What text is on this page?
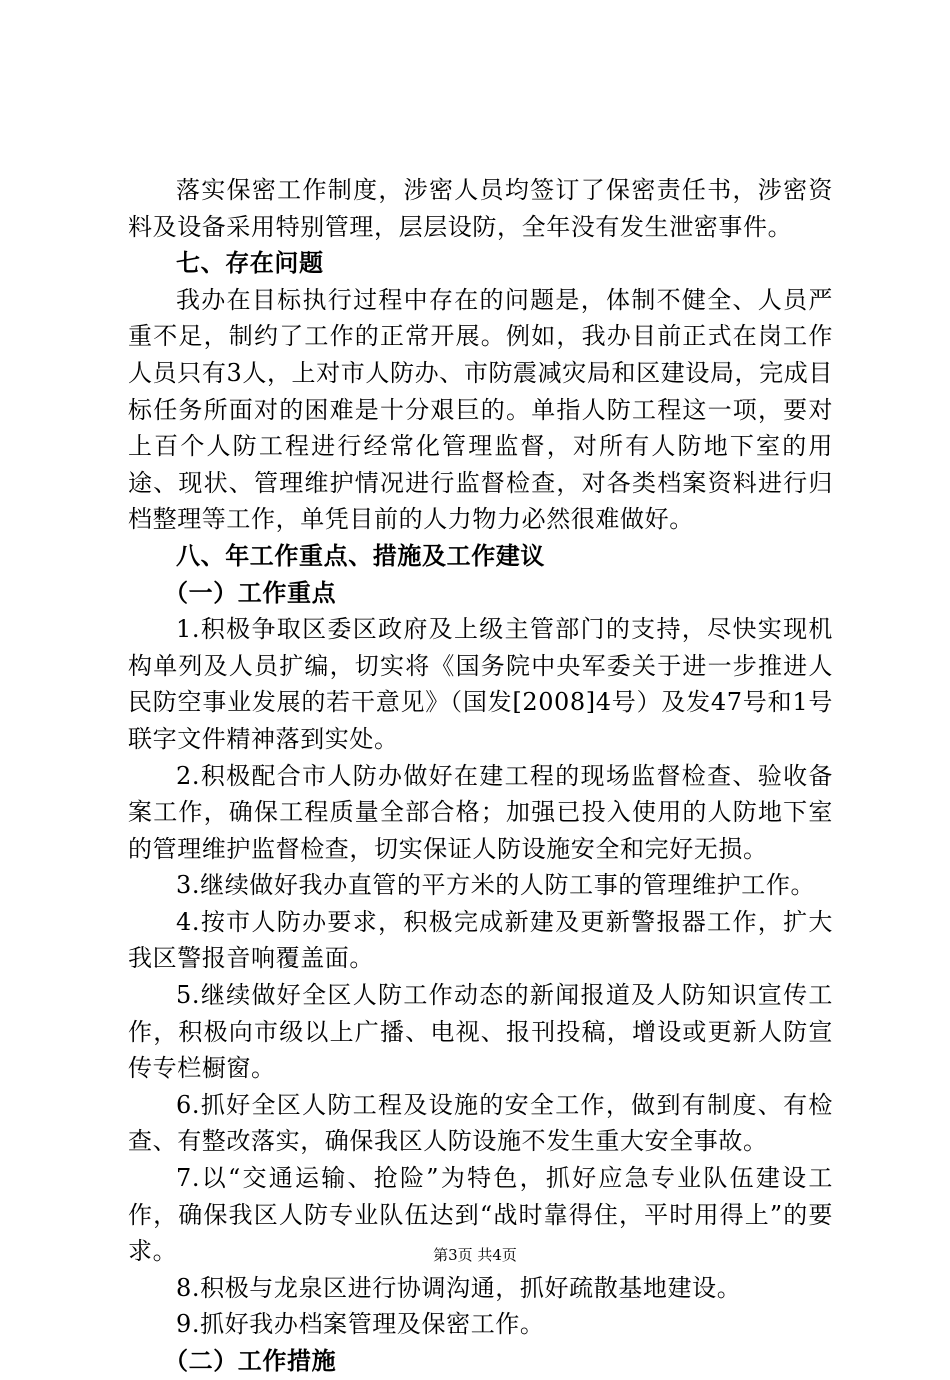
落实保密工作制度，涉密人员均签订了保密责任书，涉密资料及设备采用特别管理，层层设防，全年没有发生泄密事件。

七、存在问题

我办在目标执行过程中存在的问题是，体制不健全、人员严重不足，制约了工作的正常开展。例如，我办目前正式在岗工作人员只有3人，上对市人防办、市防震减灾局和区建设局，完成目标任务所面对的困难是十分艰巨的。单指人防工程这一项，要对上百个人防工程进行经常化管理监督，对所有人防地下室的用途、现状、管理维护情况进行监督检查，对各类档案资料进行归档整理等工作，单凭目前的人力物力必然很难做好。

八、年工作重点、措施及工作建议

（一）工作重点

1.积极争取区委区政府及上级主管部门的支持，尽快实现机构单列及人员扩编，切实将《国务院中央军委关于进一步推进人民防空事业发展的若干意见》（国发[2008]4号）及发47号和1号联字文件精神落到实处。

2.积极配合市人防办做好在建工程的现场监督检查、验收备案工作，确保工程质量全部合格；加强已投入使用的人防地下室的管理维护监督检查，切实保证人防设施安全和完好无损。

3.继续做好我办直管的平方米的人防工事的管理维护工作。

4.按市人防办要求，积极完成新建及更新警报器工作，扩大我区警报音响覆盖面。

5.继续做好全区人防工作动态的新闻报道及人防知识宣传工作，积极向市级以上广播、电视、报刊投稿，增设或更新人防宣传专栏橱窗。

6.抓好全区人防工程及设施的安全工作，做到有制度、有检查、有整改落实，确保我区人防设施不发生重大安全事故。

7.以“交通运输、抢险”为特色，抓好应急专业队伍建设工作，确保我区人防专业队伍达到“战时靠得住，平时用得上”的要求。

8.积极与龙泉区进行协调沟通，抓好疏散基地建设。

9.抓好我办档案管理及保密工作。

（二）工作措施

第3页 共4页
